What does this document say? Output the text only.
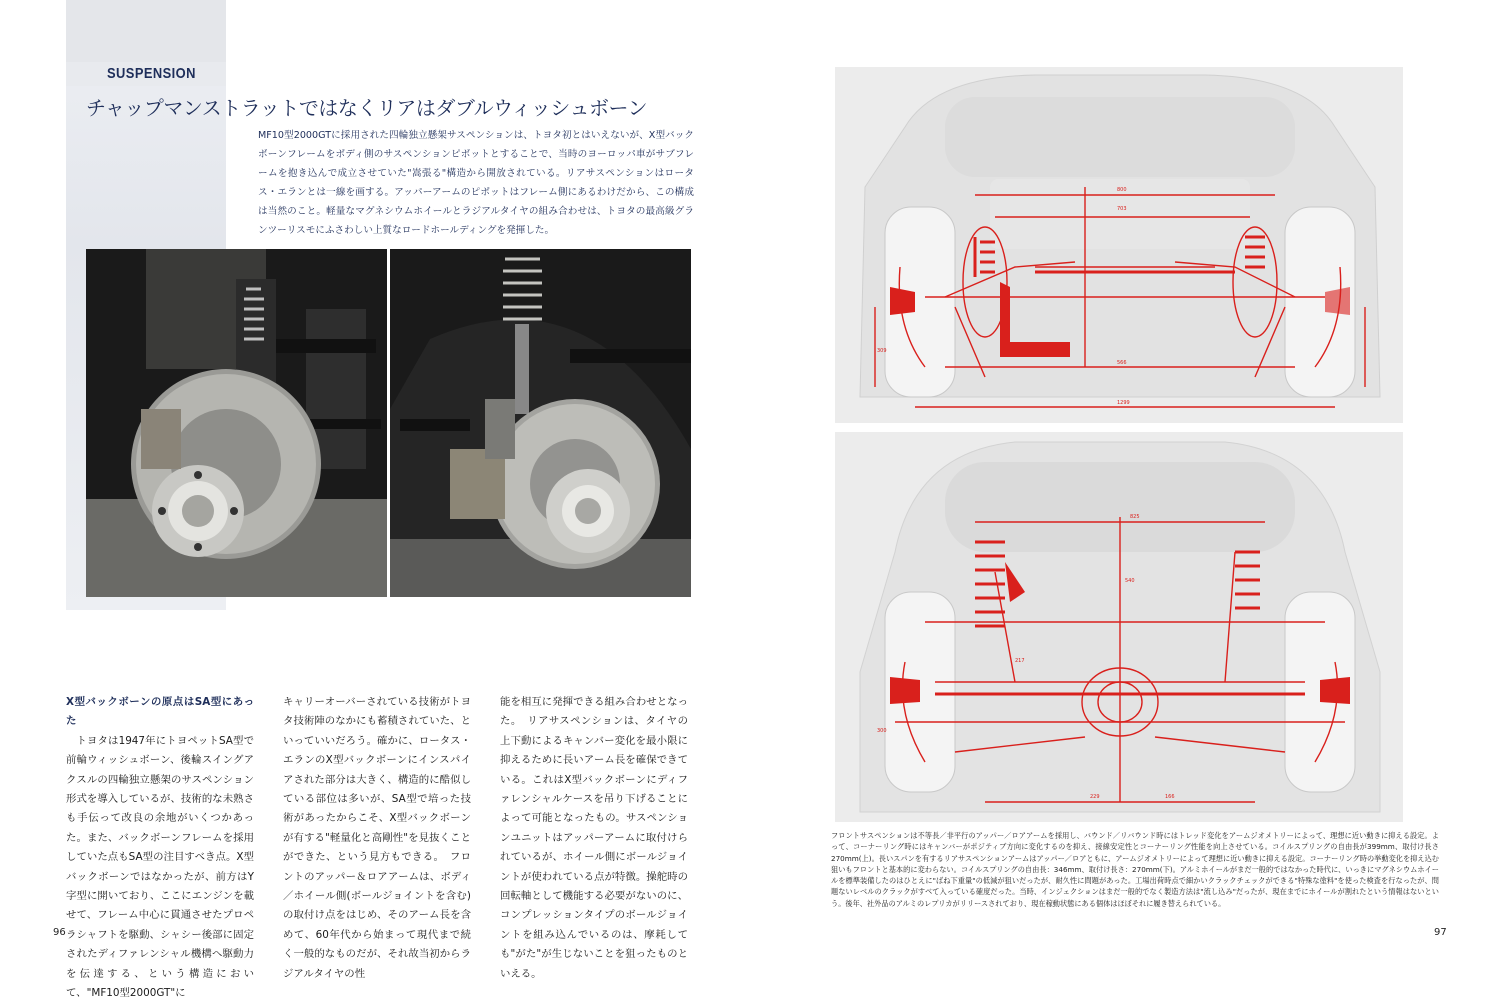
SUSPENSION
チャップマンストラットではなくリアはダブルウィッシュボーン

MF10型2000GTに採用された四輪独立懸架サスペンションは、トヨタ初とはいえないが、X型バックボーンフレームをボディ側のサスペンションピボットとすることで、当時のヨーロッパ車がサブフレームを抱き込んで成立させていた"嵩張る"構造から開放されている。リアサスペンションはロータス・エランとは一線を画する。アッパーアームのピボットはフレーム側にあるわけだから、この構成は当然のこと。軽量なマグネシウムホイールとラジアルタイヤの組み合わせは、トヨタの最高級グランツーリスモにふさわしい上質なロードホールディングを発揮した。

X型バックボーンの原点はSA型にあった

トヨタは1947年にトヨペットSA型で前輪ウィッシュボーン、後輪スイングアクスルの四輪独立懸架のサスペンション形式を導入しているが、技術的な未熟さも手伝って改良の余地がいくつかあった。また、バックボーンフレームを採用していた点もSA型の注目すべき点。X型バックボーンではなかったが、前方はY字型に開いており、ここにエンジンを載せて、フレーム中心に貫通させたプロペラシャフトを駆動、シャシー後部に固定されたディファレンシャル機構へ駆動力を伝達する、という構造において、"MF10型2000GT"に

キャリーオーバーされている技術がトヨタ技術陣のなかにも蓄積されていた、といっていいだろう。確かに、ロータス・エランのX型バックボーンにインスパイアされた部分は大きく、構造的に酷似している部位は多いが、SA型で培った技術があったからこそ、X型バックボーンが有する"軽量化と高剛性"を見抜くことができた、という見方もできる。　フロントのアッパー＆ロアアームは、ボディ／ホイール側(ボールジョイントを含む)の取付け点をはじめ、そのアーム長を含めて、60年代から始まって現代まで続く一般的なものだが、それ故当初からラジアルタイヤの性

能を相互に発揮できる組み合わせとなった。　リアサスペンションは、タイヤの上下動によるキャンバー変化を最小限に抑えるために長いアーム長を確保できている。これはX型バックボーンにディファレンシャルケースを吊り下げることによって可能となったもの。サスペンションユニットはアッパーアームに取付けられているが、ホイール側にボールジョイントが使われている点が特徴。操舵時の回転軸として機能する必要がないのに、コンプレッションタイプのボールジョイントを組み込んでいるのは、摩耗しても"がた"が生じないことを狙ったものといえる。

96
800
703
566
1299
309
825
540
217
300
229	166

フロントサスペンションは不等長／非平行のアッパー／ロアアームを採用し、バウンド／リバウンド時にはトレッド変化をアームジオメトリーによって、理想に近い動きに抑える設定。よって、コーナーリング時にはキャンバーがポジティブ方向に変化するのを抑え、接線安定性とコーナーリング性能を向上させている。コイルスプリングの自由長が399mm、取付け長さ270mm(上)。長いスパンを有するリアサスペンションアームはアッパー／ロアともに、アームジオメトリーによって理想に近い動きに抑える設定。コーナーリング時の挙動変化を抑え込む狙いもフロントと基本的に変わらない。コイルスプリングの自由長：346mm、取付け長さ：270mm(下)。アルミホイールがまだ一般的ではなかった時代に、いっきにマグネシウムホイールを標準装備したのはひとえに"ばね下重量"の低減が狙いだったが、耐久性に問題があった。工場出荷時点で細かいクラックチェックができる"特殊な塗料"を使った検査を行なったが、問題ないレベルのクラックがすべて入っている確度だった。当時、インジェクションはまだ一般的でなく製造方法は"流し込み"だったが、現在までにホイールが割れたという情報はないという。後年、社外品のアルミのレプリカがリリースされており、現在稼動状態にある個体はほぼそれに履き替えられている。

97
